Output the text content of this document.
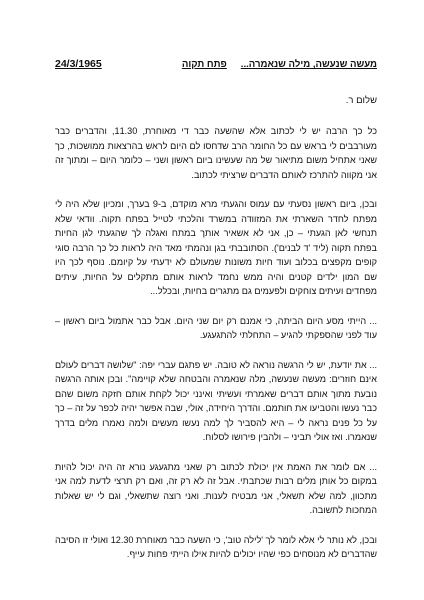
מעשה שנעשה, מילה שנאמרה...
פתח תקוה
24/3/1965

שלום ר.

כל כך הרבה יש לי לכתוב אלא שהשעה כבר די מאוחרת, 11.30, והדברים כבר מעורבבים לי בראש עם כל החומר הרב שדחסו לם היום לראש בהרצאות ממושכות, כך שאני אתחיל משום מתיאור של מה שעשינו ביום ראשון ושני – כלומר היום – ומתוך זה אני מקווה להתרכז לאותם הדברים שרציתי לכתוב.

ובכן, ביום ראשון נסעתי עם עמוס והגעתי מרא מוקדם, ב-9 בערך, ומכיון שלא היה לי מפתח לחדר השארתי את המזוודה במשרד והלכתי לטייל בפתח תקוה. וודאי שלא תנחשי לאן הגעתי – כן, אני לא אשאיר אותך במתח ואגלה לך שהגעתי לגן החיות בפתח תקוה (ליד 'ד לבנים'). הסתובבתי בגן ונהמתי מאד היה לראות כל כך הרבה סוגי קופים מקפצים בכלוב ועוד חיות משונות שמעולם לא ידעתי על קיומם. נוסף לכך היו שם המון ילדים קטנים והיה ממש נחמד לראות אותם מתקלים על החיות, עיתים מפחדים ועיתים צוחקים ולפעמים גם מתגרים בחיות, ובכלל...

... הייתי מסע היום הביתה, כי אמנם רק יום שני היום. אבל כבר אתמול ביום ראשון – עוד לפני שהספקתי להגיע – התחלתי להתגעגע.

... את יודעת, יש לי הרגשה נוראה לא טובה. יש פתגם עברי יפה: "שלושה דברים לעולם אינם חוזרים: מעשה שנעשה, מלה שנאמרה והבטחה שלא קויימה". ובכן אותה הרגשה נובעת מתוך אותם דברים שאמרתי ועשיתי ואינני יכול לקחת אותם חזקה משום שהם כבר נעשו והטביעו את חותמם. והדרך היחידה, אולי, שבה אפשר יהיה לכפר על זה – כך על כל פנים נראה לי – היא להסביר לך למה נעשו מעשים ולמה נאמרו מלים בדרך שנאמרו. ואז אולי תביני – ולהבין פירושו לסלוח.

... אם לומר את האמת אין יכולת לכתוב רק שאני מתגעגע נורא זה היה יכול להיות במקום כל אותן מלים רבות שכתבתי. אבל זה לא רק זה, ואם רק תרצי לדעת למה אני מתכוון, למה שלא תשאלי, אני מבטיח לענות. ואני רוצה שתשאלי, וגם לי יש שאלות המחכות לתשובה.

ובכן, לא נותר לי אלא לומר לך 'לילה טוב', כי השעה כבר מאוחרת 12.30 ואולי זו הסיבה שהדברים לא מנוסחים כפי שהיו יכולים להיות אילו הייתי פחות עייף.
